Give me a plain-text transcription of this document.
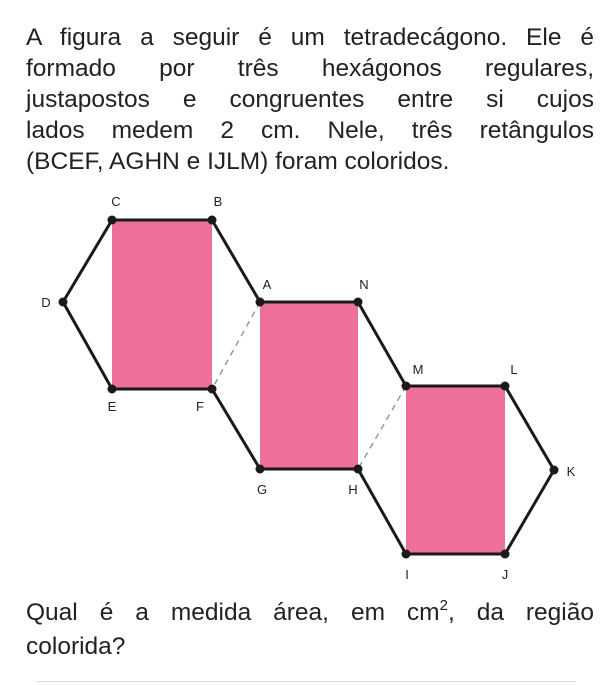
A figura a seguir é um tetradecágono. Ele é
formado por três hexágonos regulares,
justapostos e congruentes entre si cujos
lados medem 2 cm. Nele, três retângulos
(BCEF, AGHN e IJLM) foram coloridos.
C	B
D
E	F
A	N
G	H
M	L
K
I	J
Qual é a medida área, em $cm^2$, da região
colorida?
